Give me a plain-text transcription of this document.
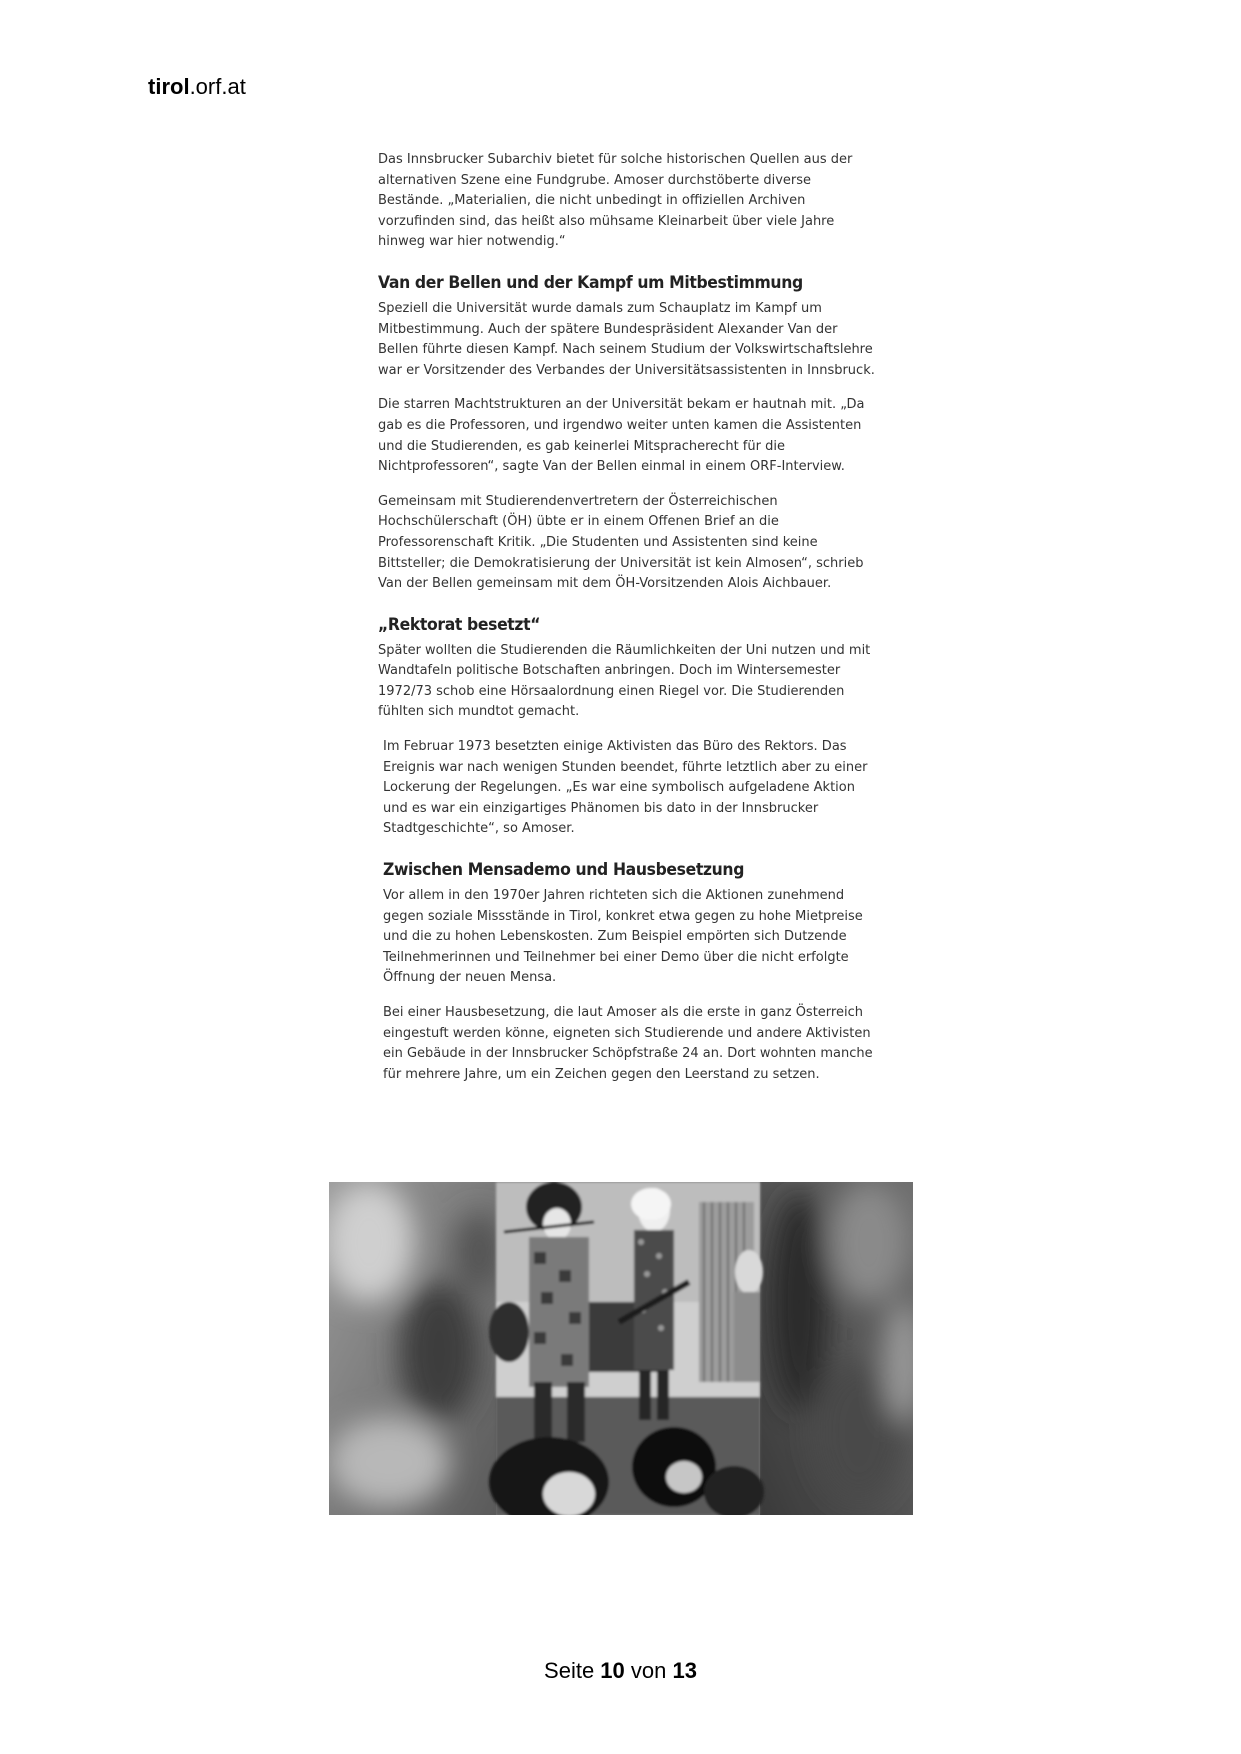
tirol.orf.at

Das Innsbrucker Subarchiv bietet für solche historischen Quellen aus der alternativen Szene eine Fundgrube. Amoser durchstöberte diverse Bestände. „Materialien, die nicht unbedingt in offiziellen Archiven vorzufinden sind, das heißt also mühsame Kleinarbeit über viele Jahre hinweg war hier notwendig.“

Van der Bellen und der Kampf um Mitbestimmung

Speziell die Universität wurde damals zum Schauplatz im Kampf um Mitbestimmung. Auch der spätere Bundespräsident Alexander Van der Bellen führte diesen Kampf. Nach seinem Studium der Volkswirtschaftslehre war er Vorsitzender des Verbandes der Universitätsassistenten in Innsbruck.

Die starren Machtstrukturen an der Universität bekam er hautnah mit. „Da gab es die Professoren, und irgendwo weiter unten kamen die Assistenten und die Studierenden, es gab keinerlei Mitspracherecht für die Nichtprofessoren“, sagte Van der Bellen einmal in einem ORF-Interview.

Gemeinsam mit Studierendenvertretern der Österreichischen Hochschülerschaft (ÖH) übte er in einem Offenen Brief an die Professorenschaft Kritik. „Die Studenten und Assistenten sind keine Bittsteller; die Demokratisierung der Universität ist kein Almosen“, schrieb Van der Bellen gemeinsam mit dem ÖH-Vorsitzenden Alois Aichbauer.

„Rektorat besetzt“

Später wollten die Studierenden die Räumlichkeiten der Uni nutzen und mit Wandtafeln politische Botschaften anbringen. Doch im Wintersemester 1972/73 schob eine Hörsaalordnung einen Riegel vor. Die Studierenden fühlten sich mundtot gemacht.

Im Februar 1973 besetzten einige Aktivisten das Büro des Rektors. Das Ereignis war nach wenigen Stunden beendet, führte letztlich aber zu einer Lockerung der Regelungen. „Es war eine symbolisch aufgeladene Aktion und es war ein einzigartiges Phänomen bis dato in der Innsbrucker Stadtgeschichte“, so Amoser.

Zwischen Mensademo und Hausbesetzung

Vor allem in den 1970er Jahren richteten sich die Aktionen zunehmend gegen soziale Missstände in Tirol, konkret etwa gegen zu hohe Mietpreise und die zu hohen Lebenskosten. Zum Beispiel empörten sich Dutzende Teilnehmerinnen und Teilnehmer bei einer Demo über die nicht erfolgte Öffnung der neuen Mensa.

Bei einer Hausbesetzung, die laut Amoser als die erste in ganz Österreich eingestuft werden könne, eigneten sich Studierende und andere Aktivisten ein Gebäude in der Innsbrucker Schöpfstraße 24 an. Dort wohnten manche für mehrere Jahre, um ein Zeichen gegen den Leerstand zu setzen.

Seite 10 von 13
